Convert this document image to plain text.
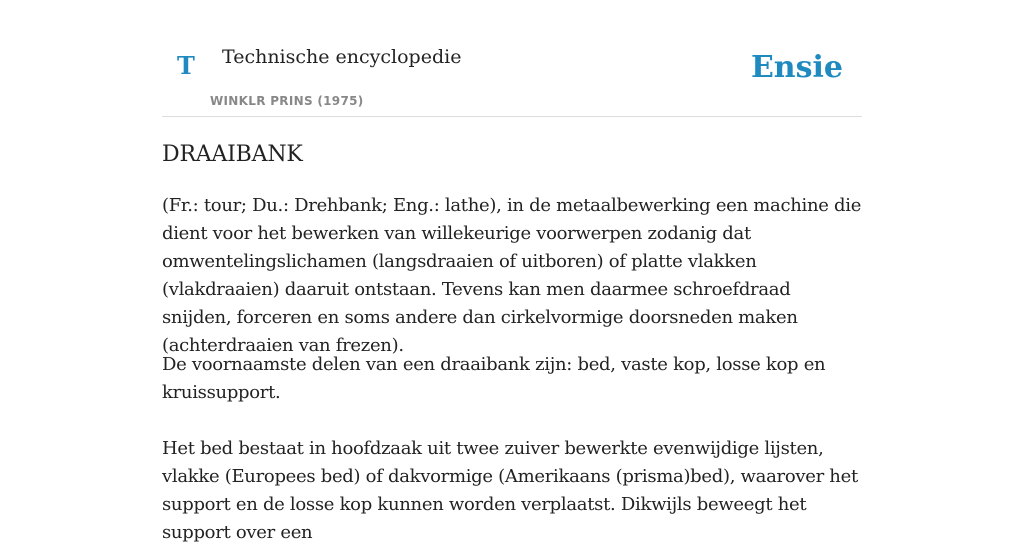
T Technische encyclopedie
WINKLR PRINS (1975)
Ensie
DRAAIBANK

(Fr.: tour; Du.: Drehbank; Eng.: lathe), in de metaalbewerking een machine die dient voor het bewerken van willekeurige voorwerpen zodanig dat omwentelingslichamen (langsdraaien of uitboren) of platte vlakken (vlakdraaien) daaruit ontstaan. Tevens kan men daarmee schroefdraad snijden, forceren en soms andere dan cirkelvormige doorsneden maken (achterdraaien van frezen).

De voornaamste delen van een draaibank zijn: bed, vaste kop, losse kop en kruissupport.

Het bed bestaat in hoofdzaak uit twee zuiver bewerkte evenwijdige lijsten, vlakke (Europees bed) of dakvormige (Amerikaans (prisma)bed), waarover het support en de losse kop kunnen worden verplaatst. Dikwijls beweegt het support over een
